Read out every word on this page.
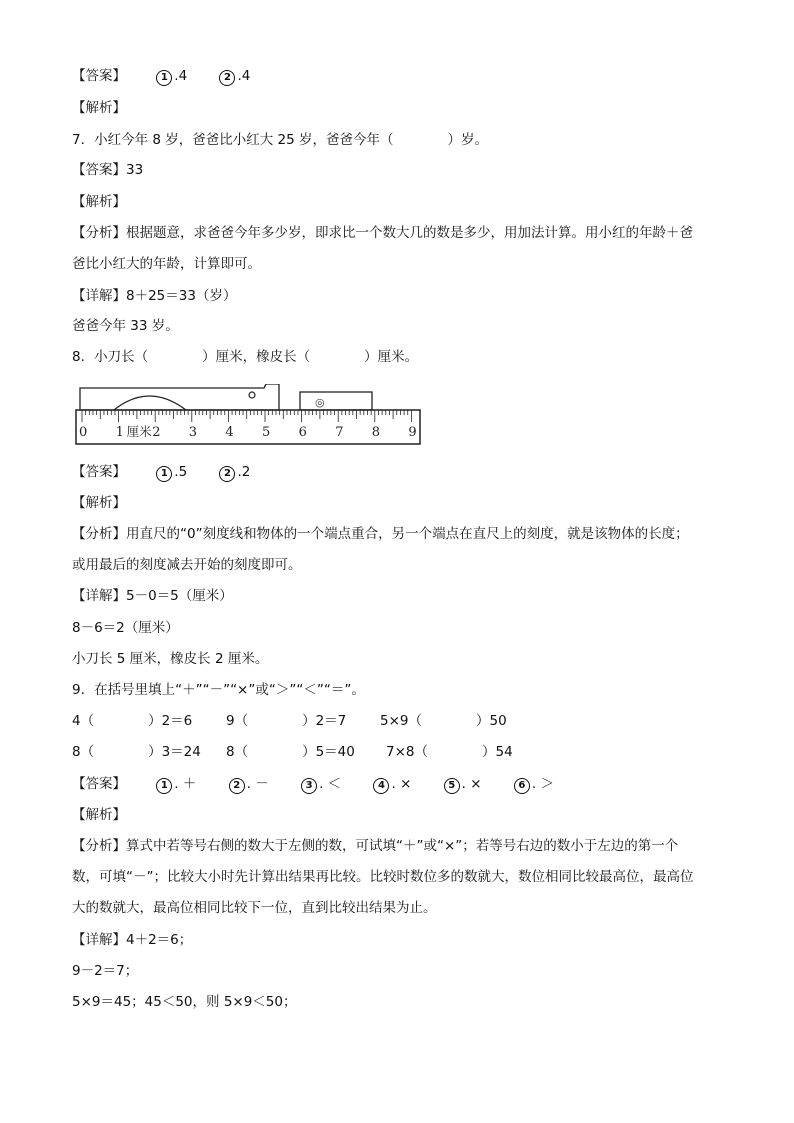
【答案】	1 .4	2 .4
【解析】
7．小红今年 8 岁，爸爸比小红大 25 岁，爸爸今年（　　　　）岁。
【答案】33
【解析】
【分析】根据题意，求爸爸今年多少岁，即求比一个数大几的数是多少，用加法计算。用小红的年龄＋爸
爸比小红大的年龄，计算即可。
【详解】8＋25＝33（岁）
爸爸今年 33 岁。
8．小刀长（　　　　）厘米，橡皮长（　　　　）厘米。
◎
0 1 2 3 4 5 6 7 8 9
厘米
【答案】	1 .5	2 .2
【解析】
【分析】用直尺的“0”刻度线和物体的一个端点重合，另一个端点在直尺上的刻度，就是该物体的长度；
或用最后的刻度减去开始的刻度即可。
【详解】5－0＝5（厘米）
8－6＝2（厘米）
小刀长 5 厘米，橡皮长 2 厘米。
9．在括号里填上“＋”“－”“×”或“＞”“＜”“＝”。
4（　　　　）2＝6 9（　　　　）2＝7 5×9（　　　　）50
8（　　　　）3＝24 8（　　　　）5＝40 7×8（　　　　）54
【答案】	1 . ＋	2 . －	3 . ＜	4 . ×	5 . ×	6 . ＞
【解析】
【分析】算式中若等号右侧的数大于左侧的数，可试填“＋”或“×”；若等号右边的数小于左边的第一个
数，可填“－”；比较大小时先计算出结果再比较。比较时数位多的数就大，数位相同比较最高位，最高位
大的数就大，最高位相同比较下一位，直到比较出结果为止。
【详解】4＋2＝6；
9－2＝7；
5×9＝45；45＜50，则 5×9＜50；
